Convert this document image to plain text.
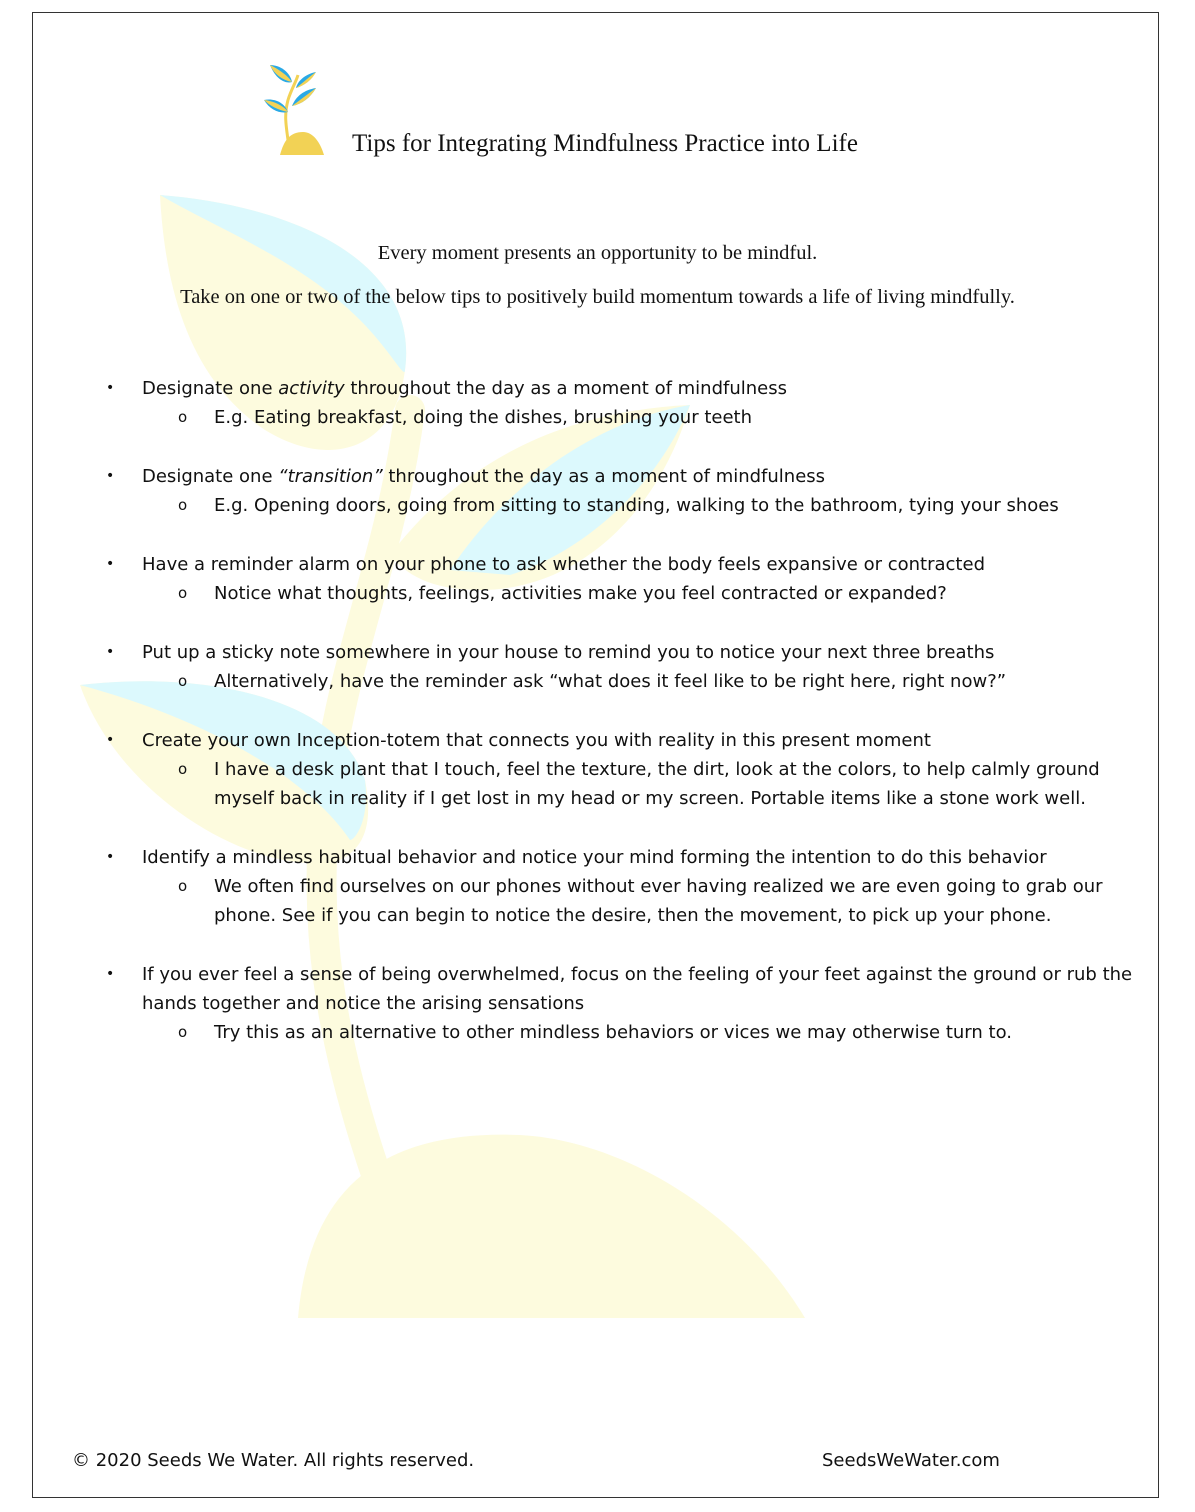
Tips for Integrating Mindfulness Practice into Life
Every moment presents an opportunity to be mindful.
Take on one or two of the below tips to positively build momentum towards a life of living mindfully.
• Designate one activity throughout the day as a moment of mindfulness
o E.g. Eating breakfast, doing the dishes, brushing your teeth
• Designate one “transition” throughout the day as a moment of mindfulness
o E.g. Opening doors, going from sitting to standing, walking to the bathroom, tying your shoes
• Have a reminder alarm on your phone to ask whether the body feels expansive or contracted
o Notice what thoughts, feelings, activities make you feel contracted or expanded?
• Put up a sticky note somewhere in your house to remind you to notice your next three breaths
o Alternatively, have the reminder ask “what does it feel like to be right here, right now?”
• Create your own Inception-totem that connects you with reality in this present moment
o I have a desk plant that I touch, feel the texture, the dirt, look at the colors, to help calmly ground myself back in reality if I get lost in my head or my screen. Portable items like a stone work well.
• Identify a mindless habitual behavior and notice your mind forming the intention to do this behavior
o We often find ourselves on our phones without ever having realized we are even going to grab our phone. See if you can begin to notice the desire, then the movement, to pick up your phone.
• If you ever feel a sense of being overwhelmed, focus on the feeling of your feet against the ground or rub the hands together and notice the arising sensations
o Try this as an alternative to other mindless behaviors or vices we may otherwise turn to.
© 2020 Seeds We Water. All rights reserved.	SeedsWeWater.com
